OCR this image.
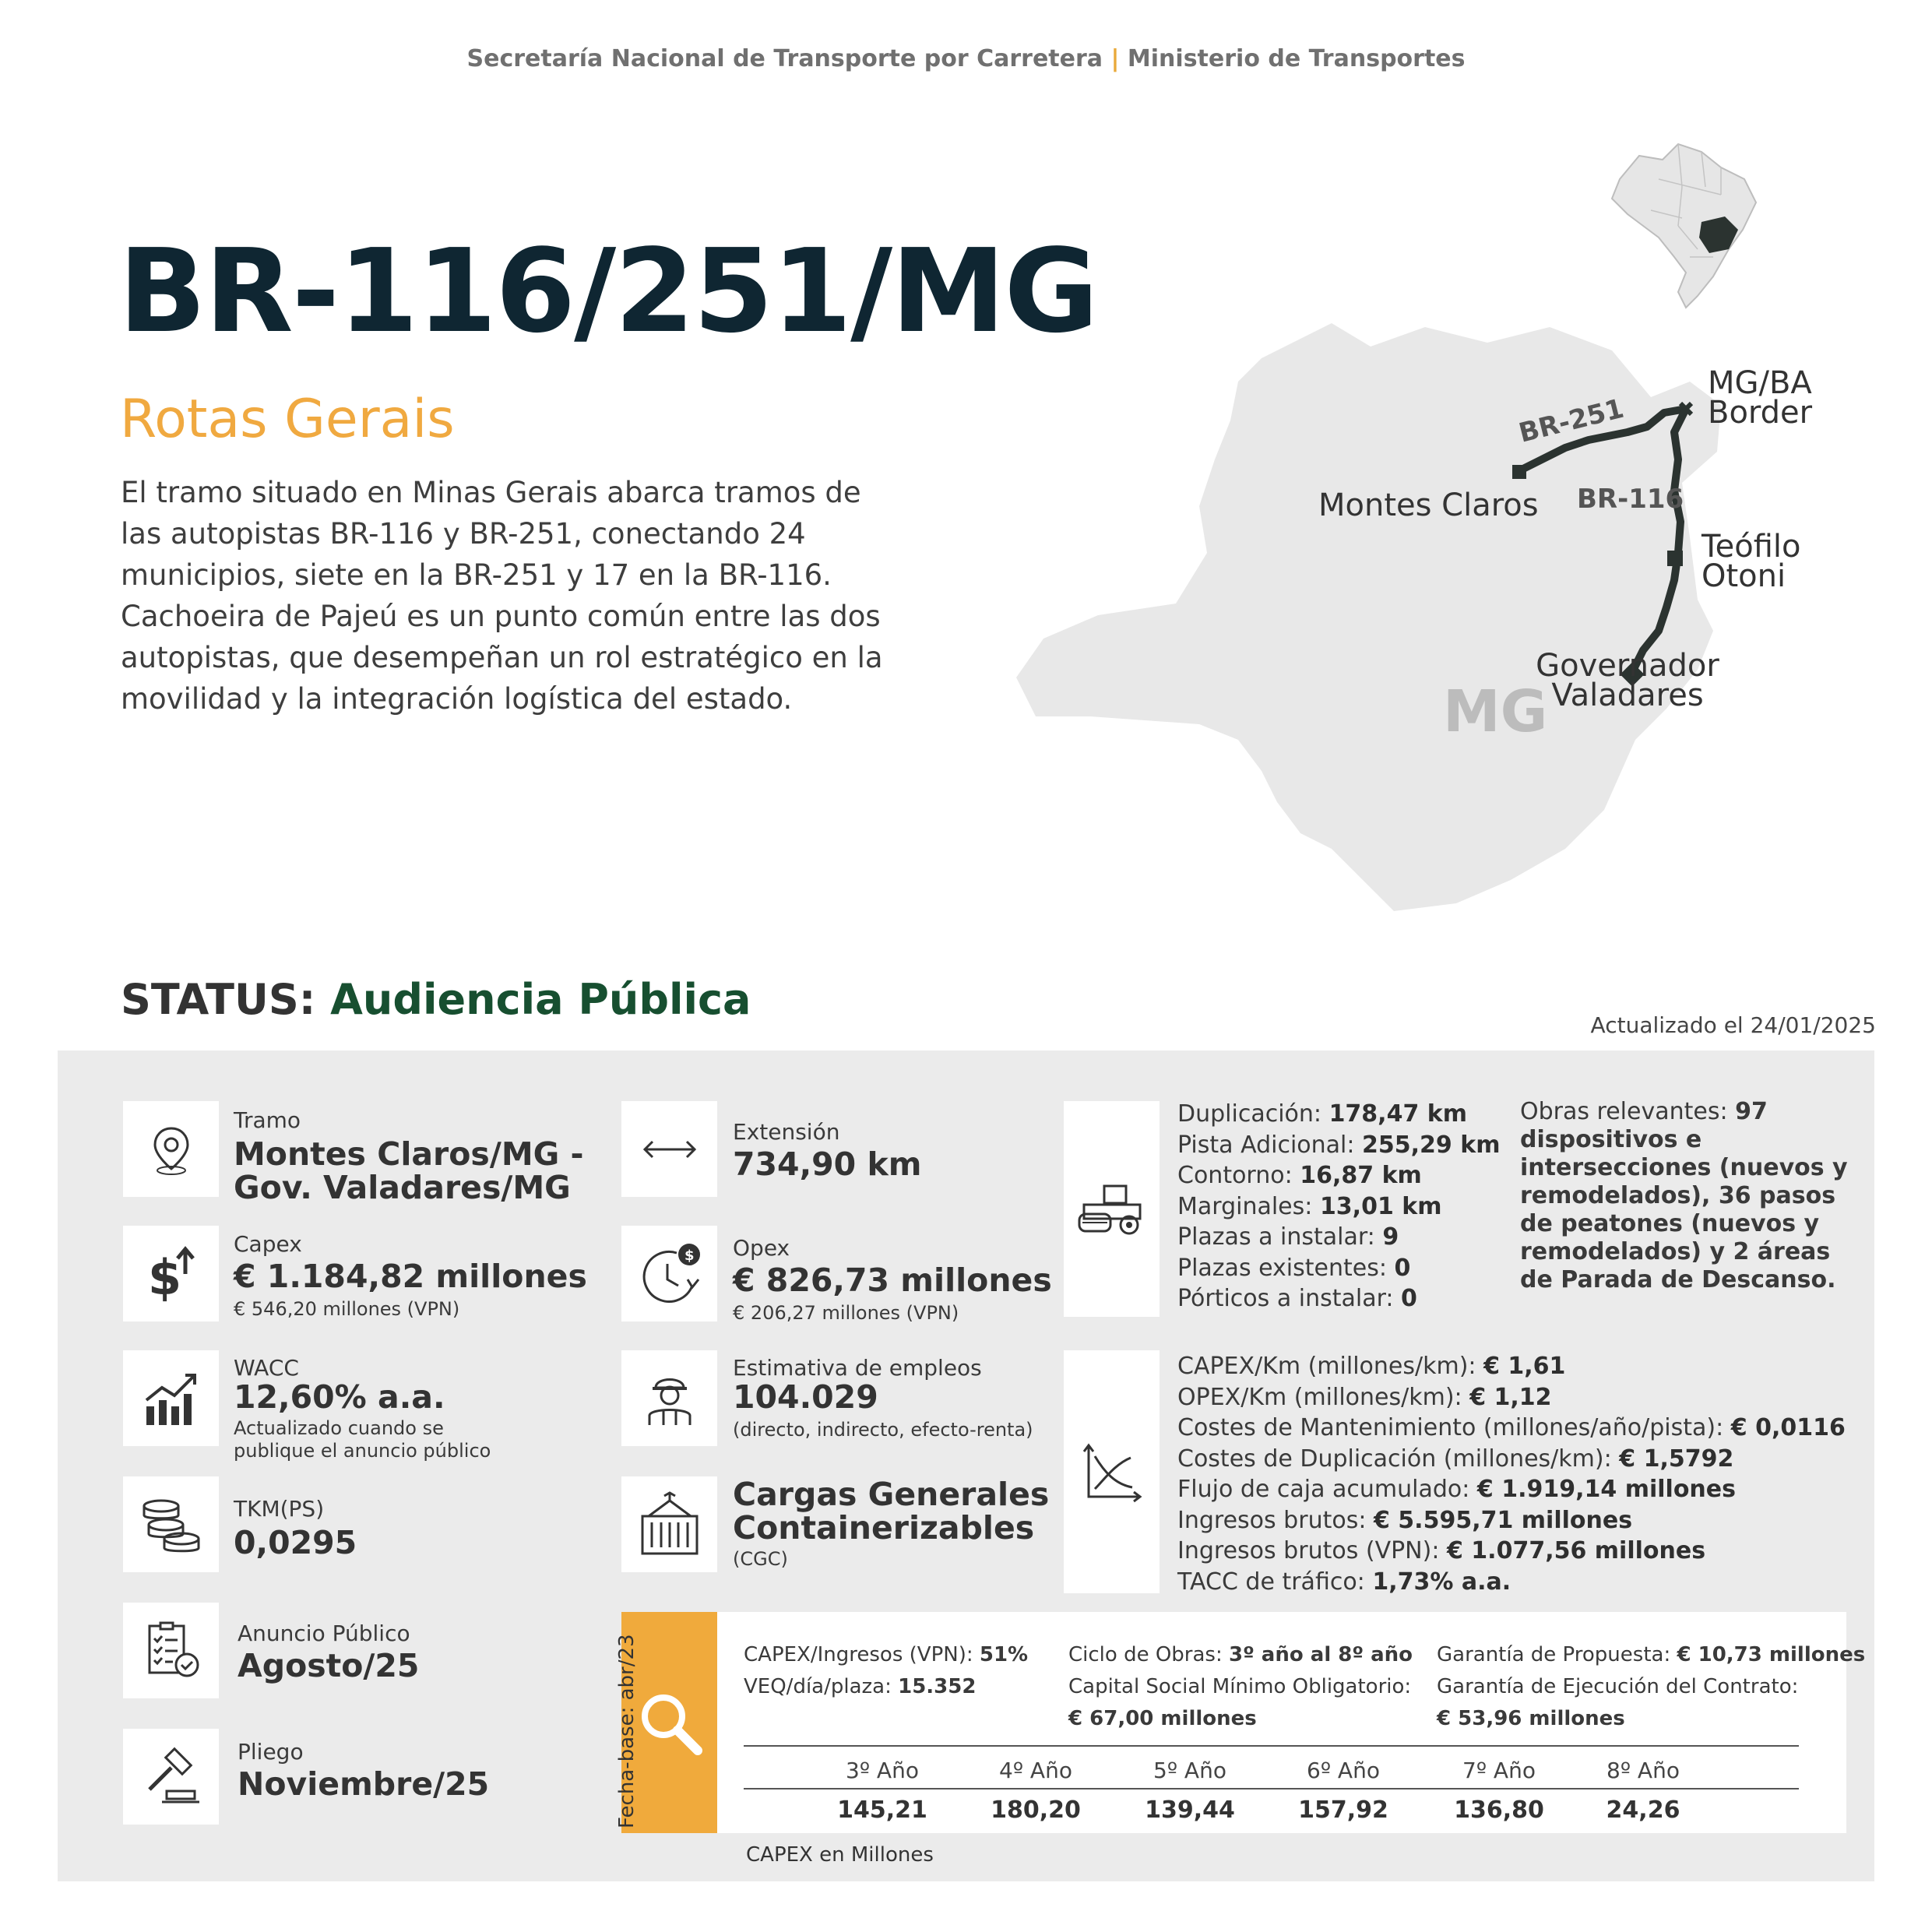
Secretaría Nacional de Transporte por Carretera | Ministerio de Transportes
BR-116/251/MG
Rotas Gerais
El tramo situado en Minas Gerais abarca tramos de las autopistas BR-116 y BR-251, conectando 24 municipios, siete en la BR-251 y 17 en la BR-116. Cachoeira de Pajeú es un punto común entre las dos autopistas, que desempeñan un rol estratégico en la movilidad y la integración logística del estado.
BR-251
BR-116
Montes Claros
MG/BA
Border
Teófilo
Otoni
Governador
Valadares
MG
STATUS: Audiencia Pública
Actualizado el 24/01/2025
Tramo
Montes Claros/MG -
Gov. Valadares/MG
$
Capex
€ 1.184,82 millones
€ 546,20 millones (VPN)
WACC
12,60% a.a.
Actualizado cuando se
publique el anuncio público
TKM(PS)
0,0295
Anuncio Público
Agosto/25
Pliego
Noviembre/25
Extensión
734,90 km
$ Opex
€ 826,73 millones
€ 206,27 millones (VPN)
Estimativa de empleos
104.029
(directo, indirecto, efecto-renta)
Cargas Generales
Containerizables
(CGC)
Duplicación: 178,47 km
Pista Adicional: 255,29 km
Contorno: 16,87 km
Marginales: 13,01 km
Plazas a instalar: 9
Plazas existentes: 0
Pórticos a instalar: 0
Obras relevantes: 97 dispositivos e intersecciones (nuevos y remodelados), 36 pasos de peatones (nuevos y remodelados) y 2 áreas de Parada de Descanso.
CAPEX/Km (millones/km): € 1,61
OPEX/Km (millones/km): € 1,12
Costes de Mantenimiento (millones/año/pista): € 0,0116
Costes de Duplicación (millones/km): € 1,5792
Flujo de caja acumulado: € 1.919,14 millones
Ingresos brutos: € 5.595,71 millones
Ingresos brutos (VPN): € 1.077,56 millones
TACC de tráfico: 1,73% a.a.
Fecha-base: abr/23	CAPEX/Ingresos (VPN): 51%
VEQ/día/plaza: 15.352
Ciclo de Obras: 3º año al 8º año
Capital Social Mínimo Obligatorio:
€ 67,00 millones
Garantía de Propuesta: € 10,73 millones
Garantía de Ejecución del Contrato:
€ 53,96 millones
3º Año	4º Año	5º Año	6º Año	7º Año	8º Año
145,21	180,20	139,44	157,92	136,80	24,26
CAPEX en Millones
